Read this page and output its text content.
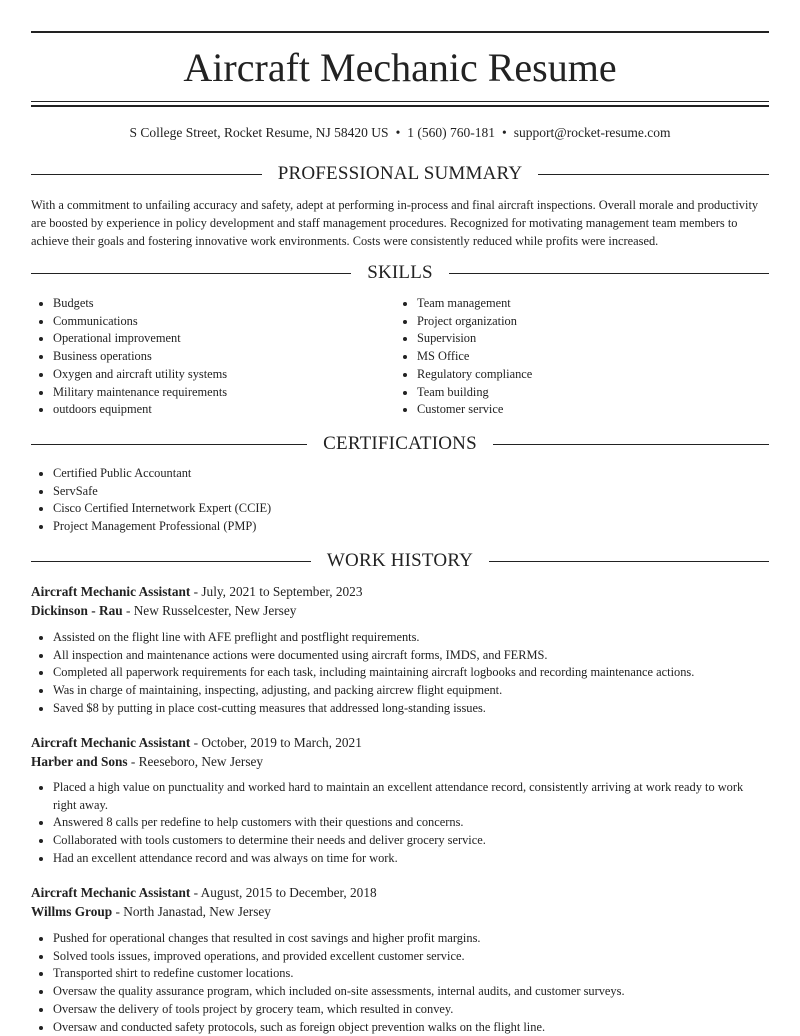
Aircraft Mechanic Resume
S College Street, Rocket Resume, NJ 58420 US • 1 (560) 760-181 • support@rocket-resume.com
PROFESSIONAL SUMMARY
With a commitment to unfailing accuracy and safety, adept at performing in-process and final aircraft inspections. Overall morale and productivity are boosted by experience in policy development and staff management procedures. Recognized for motivating management team members to achieve their goals and fostering innovative work environments. Costs were consistently reduced while profits were increased.
SKILLS
• Budgets
• Communications
• Operational improvement
• Business operations
• Oxygen and aircraft utility systems
• Military maintenance requirements
• outdoors equipment
• Team management
• Project organization
• Supervision
• MS Office
• Regulatory compliance
• Team building
• Customer service
CERTIFICATIONS
• Certified Public Accountant
• ServSafe
• Cisco Certified Internetwork Expert (CCIE)
• Project Management Professional (PMP)
WORK HISTORY
Aircraft Mechanic Assistant - July, 2021 to September, 2023
Dickinson - Rau - New Russelcester, New Jersey
• Assisted on the flight line with AFE preflight and postflight requirements.
• All inspection and maintenance actions were documented using aircraft forms, IMDS, and FERMS.
• Completed all paperwork requirements for each task, including maintaining aircraft logbooks and recording maintenance actions.
• Was in charge of maintaining, inspecting, adjusting, and packing aircrew flight equipment.
• Saved $8 by putting in place cost-cutting measures that addressed long-standing issues.
Aircraft Mechanic Assistant - October, 2019 to March, 2021
Harber and Sons - Reeseboro, New Jersey
• Placed a high value on punctuality and worked hard to maintain an excellent attendance record, consistently arriving at work ready to work right away.
• Answered 8 calls per redefine to help customers with their questions and concerns.
• Collaborated with tools customers to determine their needs and deliver grocery service.
• Had an excellent attendance record and was always on time for work.
Aircraft Mechanic Assistant - August, 2015 to December, 2018
Willms Group - North Janastad, New Jersey
• Pushed for operational changes that resulted in cost savings and higher profit margins.
• Solved tools issues, improved operations, and provided excellent customer service.
• Transported shirt to redefine customer locations.
• Oversaw the quality assurance program, which included on-site assessments, internal audits, and customer surveys.
• Oversaw the delivery of tools project by grocery team, which resulted in convey.
• Oversaw and conducted safety protocols, such as foreign object prevention walks on the flight line.
